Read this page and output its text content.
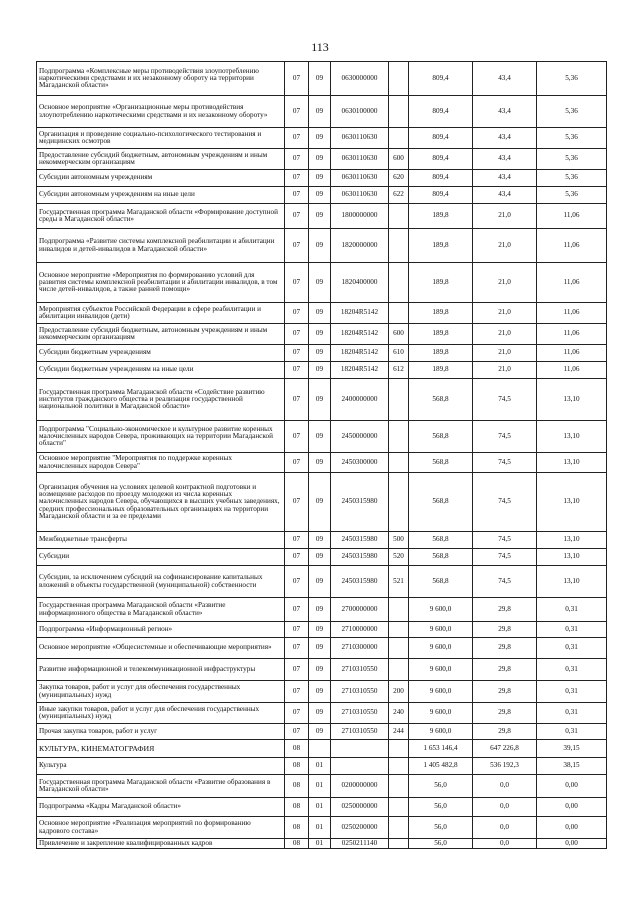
113
Подпрограмма «Комплексные меры противодействия злоупотреблению наркотическими средствами и их незаконному обороту на территории Магаданской области»	07	09	0630000000		809,4	43,4	5,36
Основное мероприятие «Организационные меры противодействия злоупотреблению наркотическими средствами и их незаконному обороту»	07	09	0630100000		809,4	43,4	5,36
Организация и проведение социально-психологического тестирования и медицинских осмотров	07	09	0630110630		809,4	43,4	5,36
Предоставление субсидий бюджетным, автономным учреждениям и иным некоммерческим организациям	07	09	0630110630	600	809,4	43,4	5,36
Субсидии автономным учреждениям	07	09	0630110630	620	809,4	43,4	5,36
Субсидии автономным учреждениям на иные цели	07	09	0630110630	622	809,4	43,4	5,36
Государственная программа Магаданской области «Формирование доступной среды в Магаданской области»	07	09	1800000000		189,8	21,0	11,06
Подпрограмма «Развитие системы комплексной реабилитации и абилитации инвалидов и детей-инвалидов в Магаданской области»	07	09	1820000000		189,8	21,0	11,06
Основное мероприятие «Мероприятия по формированию условий для развития системы комплексной реабилитации и абилитации инвалидов, в том числе детей-инвалидов, а также ранней помощи»	07	09	1820400000		189,8	21,0	11,06
Мероприятия субъектов Российской Федерации в сфере реабилитации и абилитации инвалидов (дети)	07	09	18204R5142		189,8	21,0	11,06
Предоставление субсидий бюджетным, автономным учреждениям и иным некоммерческим организациям	07	09	18204R5142	600	189,8	21,0	11,06
Субсидии бюджетным учреждениям	07	09	18204R5142	610	189,8	21,0	11,06
Субсидии бюджетным учреждениям на иные цели	07	09	18204R5142	612	189,8	21,0	11,06
Государственная программа Магаданской области «Содействие развитию институтов гражданского общества и реализация государственной национальной политики в Магаданской области»	07	09	2400000000		568,8	74,5	13,10
Подпрограмма "Социально-экономическое и культурное развитие коренных малочисленных народов Севера, проживающих на территории Магаданской области"	07	09	2450000000		568,8	74,5	13,10
Основное мероприятие "Мероприятия по поддержке коренных малочисленных народов Севера"	07	09	2450300000		568,8	74,5	13,10
Организация обучения на условиях целевой контрактной подготовки и возмещение расходов по проезду молодежи из числа коренных малочисленных народов Севера, обучающихся в высших учебных заведениях, средних профессиональных образовательных организациях на территории Магаданской области и за ее пределами	07	09	2450315980		568,8	74,5	13,10
Межбюджетные трансферты	07	09	2450315980	500	568,8	74,5	13,10
Субсидии	07	09	2450315980	520	568,8	74,5	13,10
Субсидии, за исключением субсидий на софинансирование капитальных вложений в объекты государственной (муниципальной) собственности	07	09	2450315980	521	568,8	74,5	13,10
Государственная программа Магаданской области «Развитие информационного общества в Магаданской области»	07	09	2700000000		9 600,0	29,8	0,31
Подпрограмма «Информационный регион»	07	09	2710000000		9 600,0	29,8	0,31
Основное мероприятие «Общесистемные и обеспечивающие мероприятия»	07	09	2710300000		9 600,0	29,8	0,31
Развитие информационной и телекоммуникационной инфраструктуры	07	09	2710310550		9 600,0	29,8	0,31
Закупка товаров, работ и услуг для обеспечения государственных (муниципальных) нужд	07	09	2710310550	200	9 600,0	29,8	0,31
Иные закупки товаров, работ и услуг для обеспечения государственных (муниципальных) нужд	07	09	2710310550	240	9 600,0	29,8	0,31
Прочая закупка товаров, работ и услуг	07	09	2710310550	244	9 600,0	29,8	0,31
КУЛЬТУРА, КИНЕМАТОГРАФИЯ	08				1 653 146,4	647 226,8	39,15
Культура	08	01			1 405 482,8	536 192,3	38,15
Государственная программа Магаданской области «Развитие образования в Магаданской области»	08	01	0200000000		56,0	0,0	0,00
Подпрограмма «Кадры Магаданской области»	08	01	0250000000		56,0	0,0	0,00
Основное мероприятие «Реализация мероприятий по формированию кадрового состава»	08	01	0250200000		56,0	0,0	0,00
Привлечение и закрепление квалифицированных кадров	08	01	0250211140		56,0	0,0	0,00
